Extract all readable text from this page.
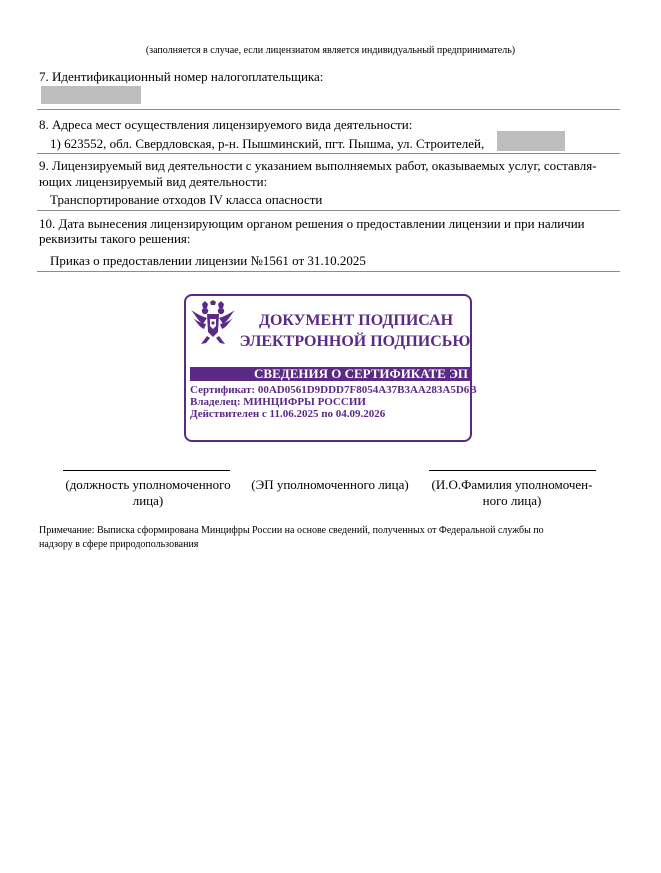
(заполняется в случае, если лицензиатом является индивидуальный предприниматель)
7. Идентификационный номер налогоплательщика:
8. Адреса мест осуществления лицензируемого вида деятельности:
1) 623552, обл. Свердловская, р-н. Пышминский, пгт. Пышма, ул. Строителей,
9. Лицензируемый вид деятельности с указанием выполняемых работ, оказываемых услуг, составля-
ющих лицензируемый вид деятельности:
Транспортирование отходов IV класса опасности
10. Дата вынесения лицензирующим органом решения о предоставлении лицензии и при наличии
реквизиты такого решения:
Приказ о предоставлении лицензии №1561 от 31.10.2025
ДОКУМЕНТ ПОДПИСАН
ЭЛЕКТРОННОЙ ПОДПИСЬЮ
СВЕДЕНИЯ О СЕРТИФИКАТЕ ЭП
Сертификат: 00AD0561D9DDD7F8054A37B3AA283A5D6B
Владелец: МИНЦИФРЫ РОССИИ
Действителен с 11.06.2025 по 04.09.2026
(должность уполномоченного
лица)
(ЭП уполномоченного лица)	(И.О.Фамилия уполномочен-
ного лица)
Примечание: Выписка сформирована Минцифры России на основе сведений, полученных от Федеральной службы по
надзору в сфере природопользования
